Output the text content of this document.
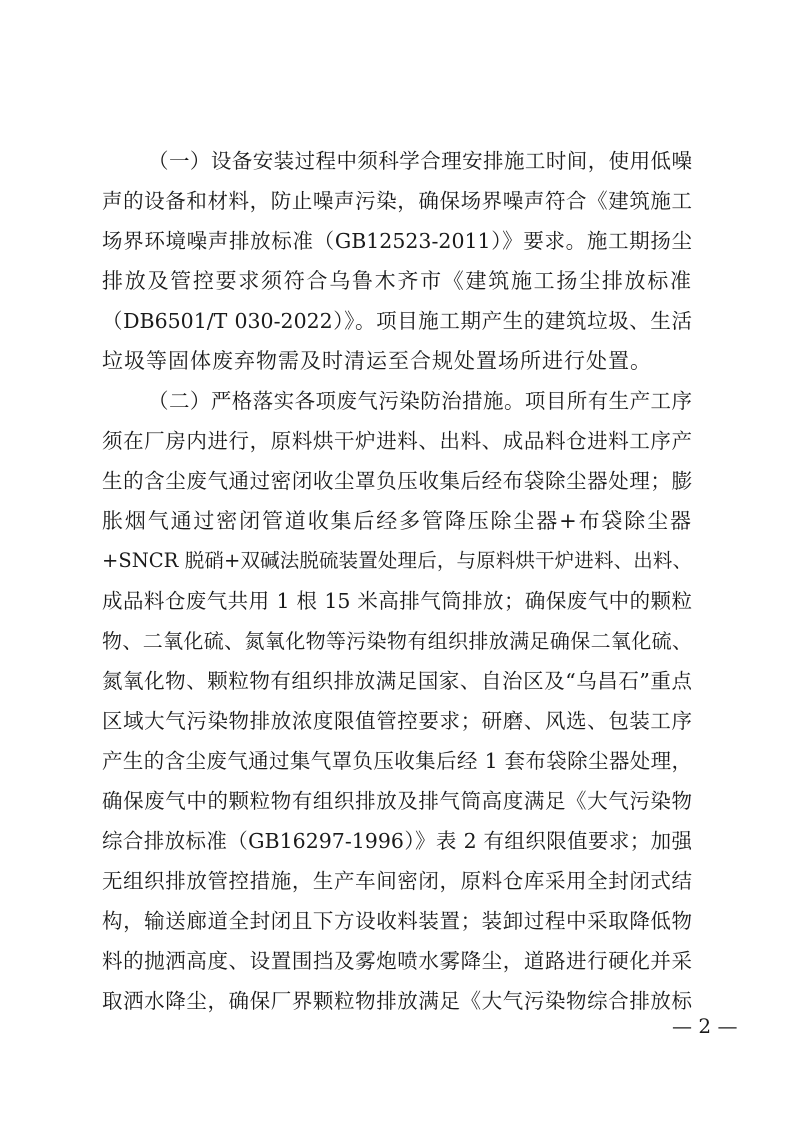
（一）设备安装过程中须科学合理安排施工时间，使用低噪
声的设备和材料，防止噪声污染，确保场界噪声符合《建筑施工
场界环境噪声排放标准（GB12523-2011）》要求。施工期扬尘
排放及管控要求须符合乌鲁木齐市《建筑施工扬尘排放标准
（DB6501/T 030-2022）》。项目施工期产生的建筑垃圾、生活
垃圾等固体废弃物需及时清运至合规处置场所进行处置。
（二）严格落实各项废气污染防治措施。项目所有生产工序
须在厂房内进行，原料烘干炉进料、出料、成品料仓进料工序产
生的含尘废气通过密闭收尘罩负压收集后经布袋除尘器处理；膨
胀烟气通过密闭管道收集后经多管降压除尘器+布袋除尘器
+SNCR 脱硝+双碱法脱硫装置处理后，与原料烘干炉进料、出料、
成品料仓废气共用 1 根 15 米高排气筒排放；确保废气中的颗粒
物、二氧化硫、氮氧化物等污染物有组织排放满足确保二氧化硫、
氮氧化物、颗粒物有组织排放满足国家、自治区及“乌昌石”重点
区域大气污染物排放浓度限值管控要求；研磨、风选、包装工序
产生的含尘废气通过集气罩负压收集后经 1 套布袋除尘器处理，
确保废气中的颗粒物有组织排放及排气筒高度满足《大气污染物
综合排放标准（GB16297-1996）》表 2 有组织限值要求；加强
无组织排放管控措施，生产车间密闭，原料仓库采用全封闭式结
构，输送廊道全封闭且下方设收料装置；装卸过程中采取降低物
料的抛洒高度、设置围挡及雾炮喷水雾降尘，道路进行硬化并采
取洒水降尘，确保厂界颗粒物排放满足《大气污染物综合排放标
— 2 —
